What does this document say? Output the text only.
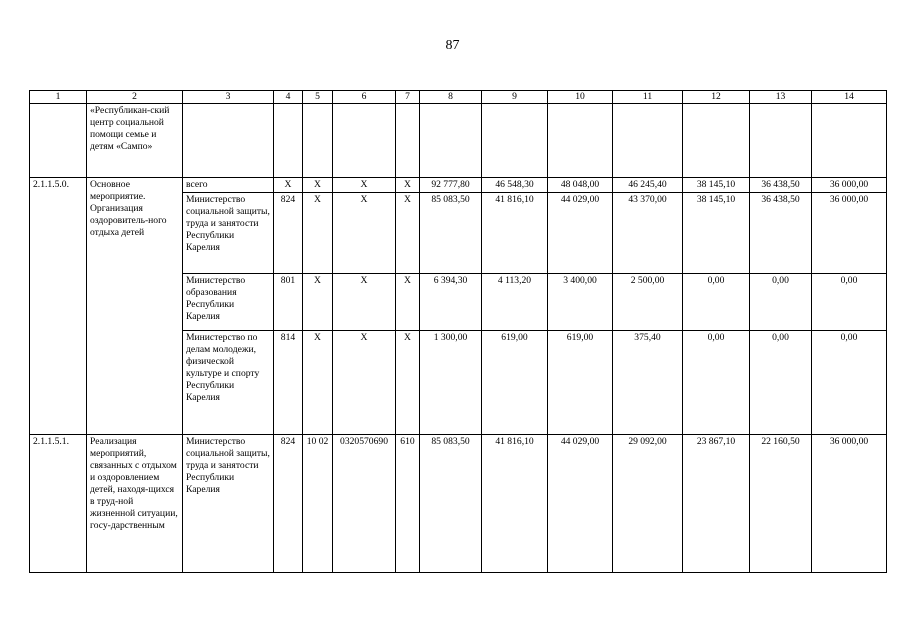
87
1	2	3	4	5	6	7	8	9	10	11	12	13	14
	«Республикан-ский центр социальной помощи семье и детям «Сампо»												
2.1.1.5.0.	Основное мероприятие. Организация оздоровитель-ного отдыха детей	всего	Х	Х	Х	Х	92 777,80	46 548,30	48 048,00	46 245,40	38 145,10	36 438,50	36 000,00
		Министерство социальной защиты, труда и занятости Республики Карелия	824	Х	Х	Х	85 083,50	41 816,10	44 029,00	43 370,00	38 145,10	36 438,50	36 000,00
		Министерство образования Республики Карелия	801	Х	Х	Х	6 394,30	4 113,20	3 400,00	2 500,00	0,00	0,00	0,00
		Министерство по делам молодежи, физической культуре и спорту Республики Карелия	814	Х	Х	Х	1 300,00	619,00	619,00	375,40	0,00	0,00	0,00
2.1.1.5.1.	Реализация мероприятий, связанных с отдыхом и оздоровлением детей, находя-щихся в труд-ной жизненной ситуации, госу-дарственным	Министерство социальной защиты, труда и занятости Республики Карелия	824	10 02	0320570690	610	85 083,50	41 816,10	44 029,00	29 092,00	23 867,10	22 160,50	36 000,00
